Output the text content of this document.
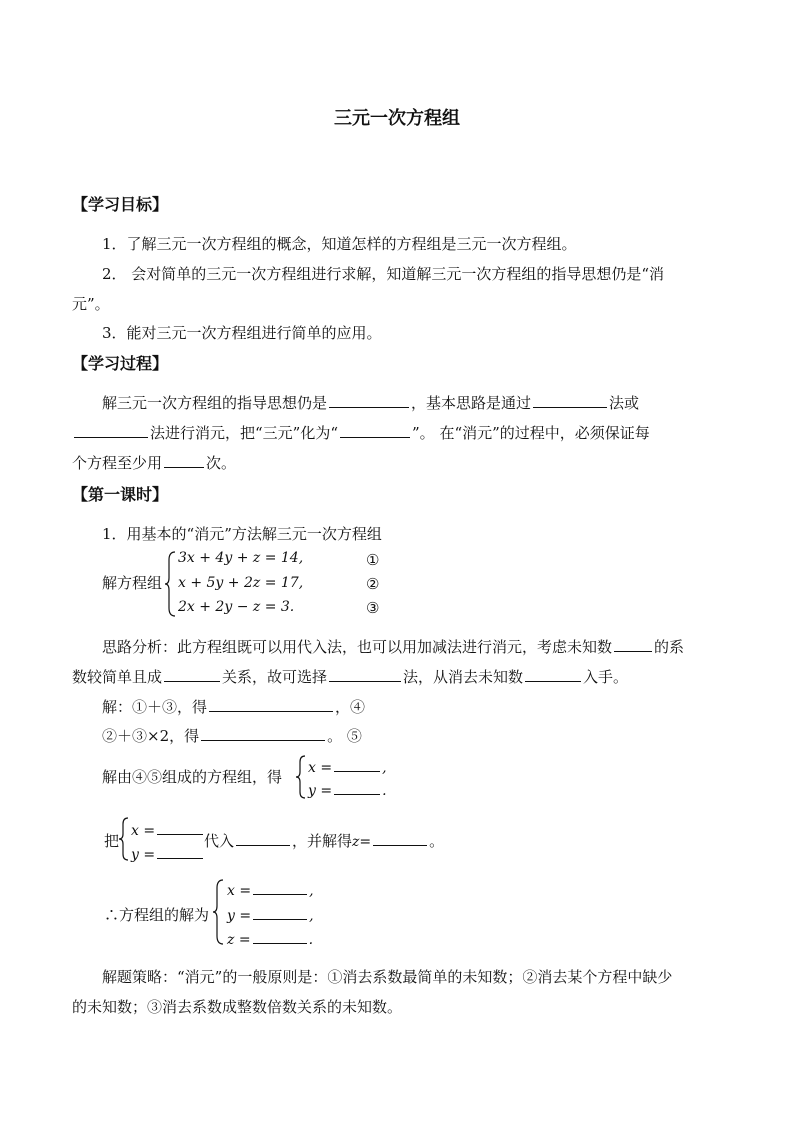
三元一次方程组
【学习目标】
1．了解三元一次方程组的概念，知道怎样的方程组是三元一次方程组。
2． 会对简单的三元一次方程组进行求解，知道解三元一次方程组的指导思想仍是“消
元”。
3．能对三元一次方程组进行简单的应用。
【学习过程】
解三元一次方程组的指导思想仍是	，基本思路是通过	法或
法进行消元，把“三元”化为“	”。 在“消元”的过程中，必须保证每
个方程至少用	次。
【第一课时】
1．用基本的“消元”方法解三元一次方程组
解方程组
3x + 4y + z = 14,
x + 5y + 2z = 17,
2x + 2y − z = 3.
①
②
③
思路分析：此方程组既可以用代入法，也可以用加减法进行消元，考虑未知数	的系
数较简单且成	关系，故可选择	法，从消去未知数	入手。
解：①＋③，得	，④
②＋③×2，得	。 ⑤
解由④⑤组成的方程组，得 x =	,
y =	.
把
x =
y =
代入	，并解得z=	。
∴方程组的解为
x =	,
y =	,
z =	.
解题策略：“消元”的一般原则是：①消去系数最简单的未知数；②消去某个方程中缺少
的未知数；③消去系数成整数倍数关系的未知数。
